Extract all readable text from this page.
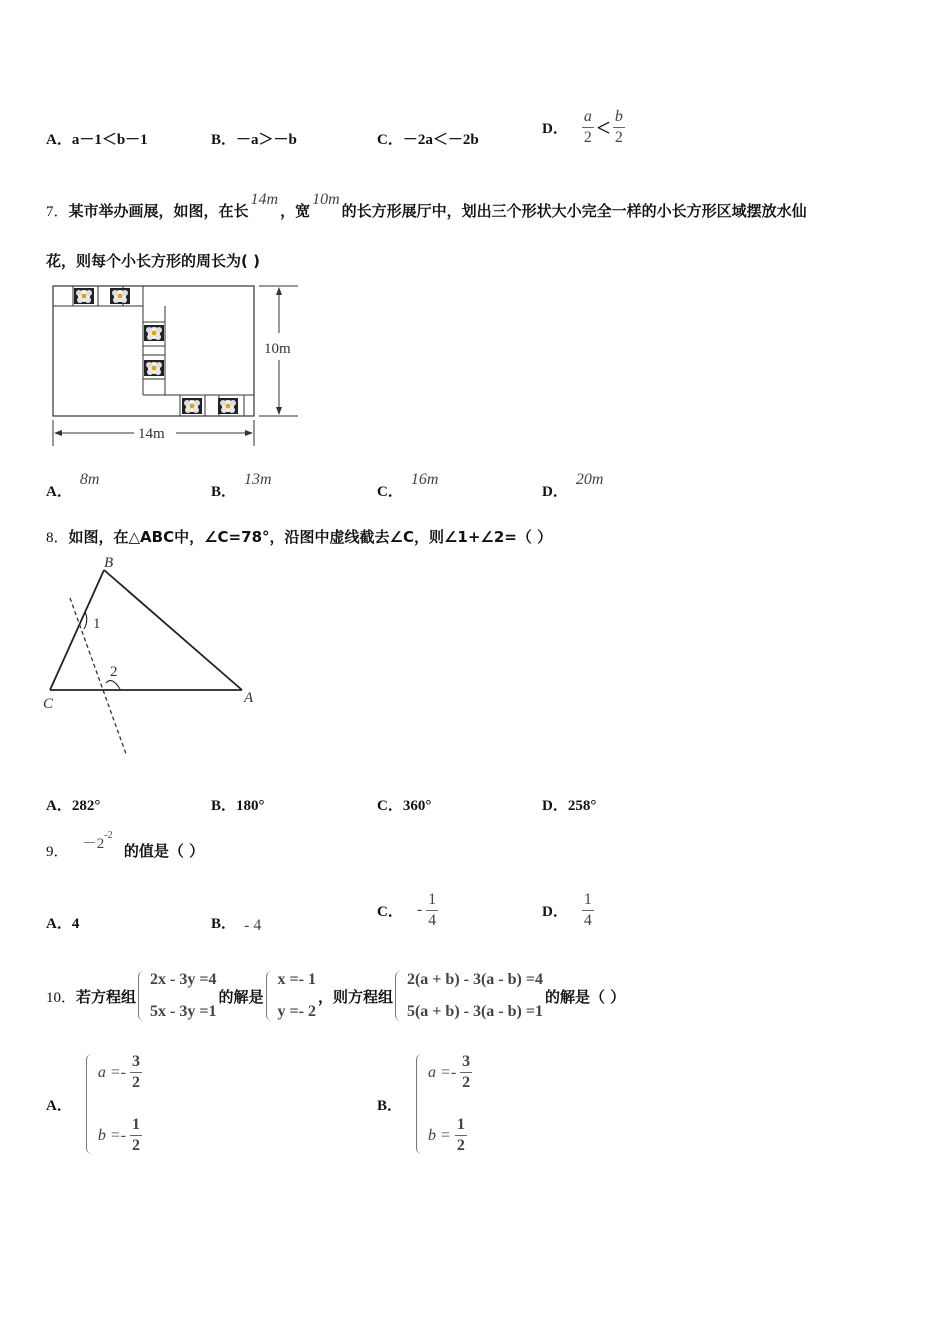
A．a－1＜b－1	B．－a＞－b	C．－2a＜－2b
D． $\frac{a}{2} < \frac{b}{2}$
7．某市举办画展，如图，在长14m，宽10m的长方形展厅中，划出三个形状大小完全一样的小长方形区域摆放水仙
花，则每个小长方形的周长为( )
10m
14m
A．8m
B．13m
C．16m
D．20m
8．如图，在△ABC中，∠C=78°，沿图中虚线截去∠C，则∠1+∠2=（ ）
B
C	A
1
2
A．282°	B．180°	C．360°	D．258°
9． $-2^{-2}$ 的值是（ ）
A．4	B． - 4
C． - $\frac{1}{4}$	D． $\frac{1}{4}$
10． 若方程组
2x - 3y =4
5x - 3y =1
的解是
x =- 1
y =- 2
，则方程组
2(a + b) - 3(a - b) =4
5(a + b) - 3(a - b) =1
的解是（ ）
A．
$a =- \frac{3}{2}$
$b =- \frac{1}{2}$
B．
$a =- \frac{3}{2}$
$b = \frac{1}{2}$
